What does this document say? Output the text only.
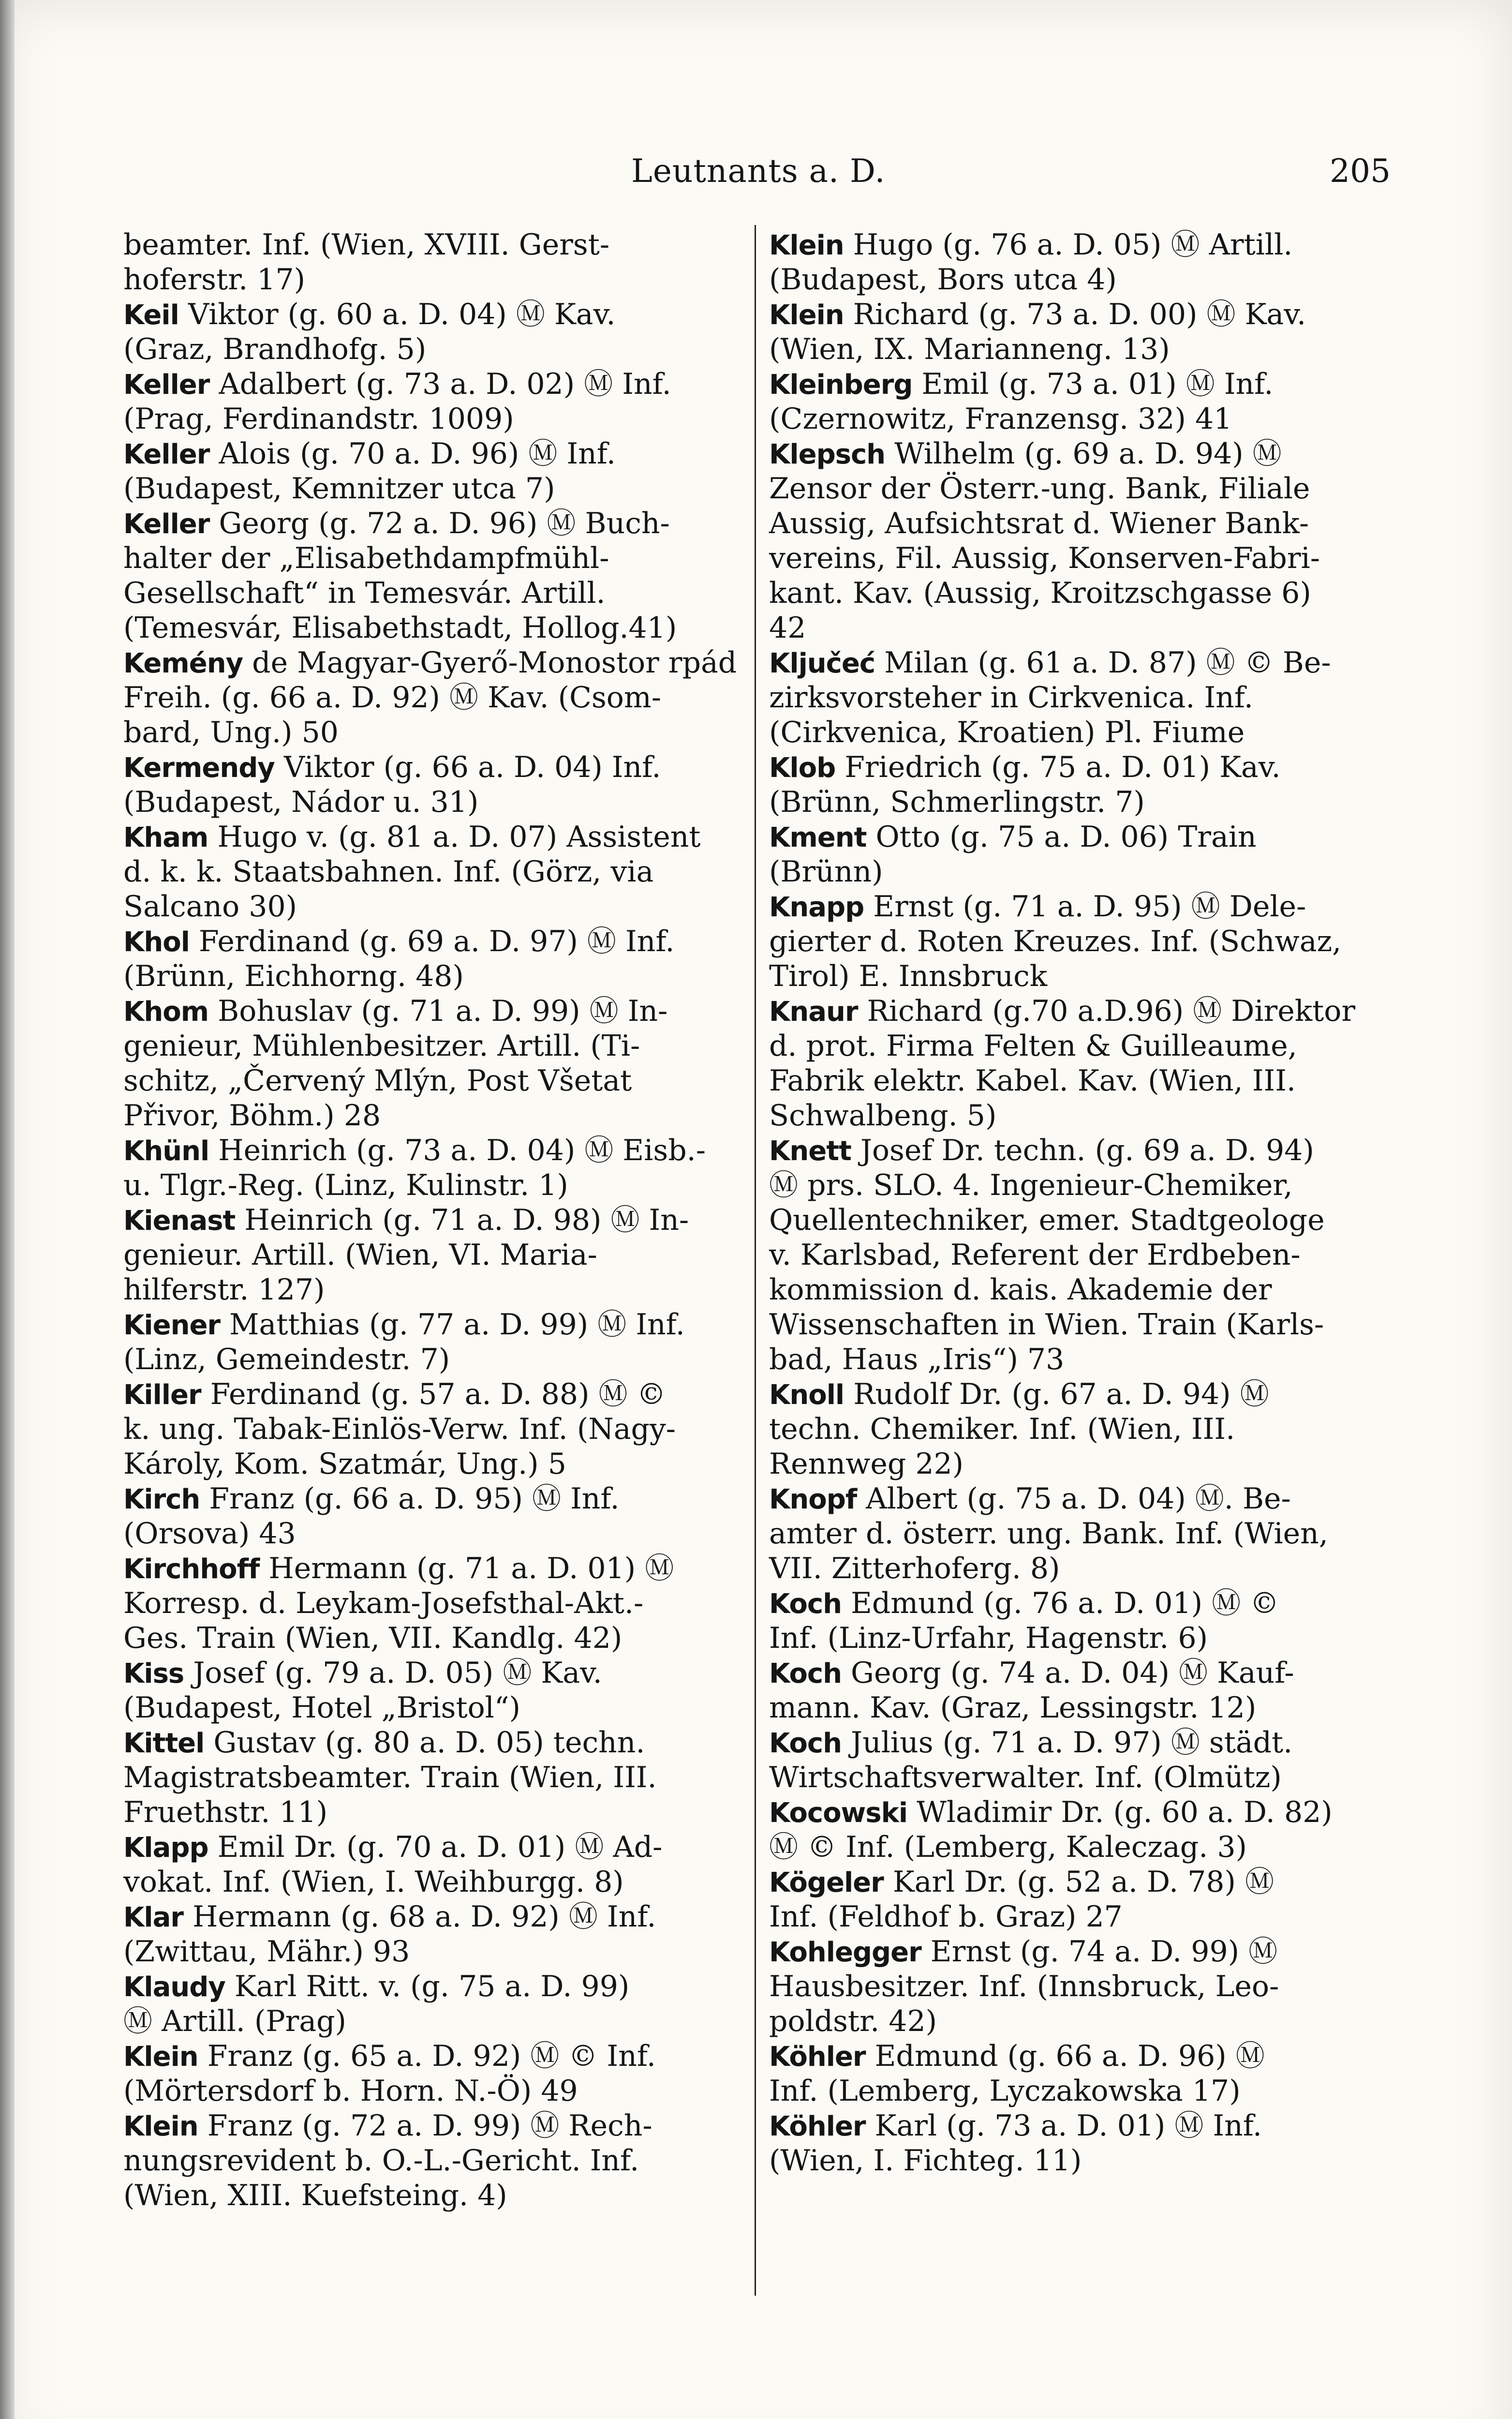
Leutnants a. D.	205
beamter. Inf. (Wien, XVIII. Gerst-
hoferstr. 17)
Keil Viktor (g. 60 a. D. 04) Ⓜ Kav.
(Graz, Brandhofg. 5)
Keller Adalbert (g. 73 a. D. 02) Ⓜ Inf.
(Prag, Ferdinandstr. 1009)
Keller Alois (g. 70 a. D. 96) Ⓜ Inf.
(Budapest, Kemnitzer utca 7)
Keller Georg (g. 72 a. D. 96) Ⓜ Buch-
halter der „Elisabethdampfmühl-
Gesellschaft“ in Temesvár. Artill.
(Temesvár, Elisabethstadt, Hollog.41)
Kemény de Magyar-Gyerő-Monostor rpád
Freih. (g. 66 a. D. 92) Ⓜ Kav. (Csom-
bard, Ung.) 50
Kermendy Viktor (g. 66 a. D. 04) Inf.
(Budapest, Nádor u. 31)
Kham Hugo v. (g. 81 a. D. 07) Assistent
d. k. k. Staatsbahnen. Inf. (Görz, via
Salcano 30)
Khol Ferdinand (g. 69 a. D. 97) Ⓜ Inf.
(Brünn, Eichhorng. 48)
Khom Bohuslav (g. 71 a. D. 99) Ⓜ In-
genieur, Mühlenbesitzer. Artill. (Ti-
schitz, „Červený Mlýn, Post Všetat
Přivor, Böhm.) 28
Khünl Heinrich (g. 73 a. D. 04) Ⓜ Eisb.-
u. Tlgr.-Reg. (Linz, Kulinstr. 1)
Kienast Heinrich (g. 71 a. D. 98) Ⓜ In-
genieur. Artill. (Wien, VI. Maria-
hilferstr. 127)
Kiener Matthias (g. 77 a. D. 99) Ⓜ Inf.
(Linz, Gemeindestr. 7)
Killer Ferdinand (g. 57 a. D. 88) Ⓜ ©
k. ung. Tabak-Einlös-Verw. Inf. (Nagy-
Károly, Kom. Szatmár, Ung.) 5
Kirch Franz (g. 66 a. D. 95) Ⓜ Inf.
(Orsova) 43
Kirchhoff Hermann (g. 71 a. D. 01) Ⓜ
Korresp. d. Leykam-Josefsthal-Akt.-
Ges. Train (Wien, VII. Kandlg. 42)
Kiss Josef (g. 79 a. D. 05) Ⓜ Kav.
(Budapest, Hotel „Bristol“)
Kittel Gustav (g. 80 a. D. 05) techn.
Magistratsbeamter. Train (Wien, III.
Fruethstr. 11)
Klapp Emil Dr. (g. 70 a. D. 01) Ⓜ Ad-
vokat. Inf. (Wien, I. Weihburgg. 8)
Klar Hermann (g. 68 a. D. 92) Ⓜ Inf.
(Zwittau, Mähr.) 93
Klaudy Karl Ritt. v. (g. 75 a. D. 99)
Ⓜ Artill. (Prag)
Klein Franz (g. 65 a. D. 92) Ⓜ © Inf.
(Mörtersdorf b. Horn. N.-Ö) 49
Klein Franz (g. 72 a. D. 99) Ⓜ Rech-
nungsrevident b. O.-L.-Gericht. Inf.
(Wien, XIII. Kuefsteing. 4)
Klein Hugo (g. 76 a. D. 05) Ⓜ Artill.
(Budapest, Bors utca 4)
Klein Richard (g. 73 a. D. 00) Ⓜ Kav.
(Wien, IX. Marianneng. 13)
Kleinberg Emil (g. 73 a. 01) Ⓜ Inf.
(Czernowitz, Franzensg. 32) 41
Klepsch Wilhelm (g. 69 a. D. 94) Ⓜ
Zensor der Österr.-ung. Bank, Filiale
Aussig, Aufsichtsrat d. Wiener Bank-
vereins, Fil. Aussig, Konserven-Fabri-
kant. Kav. (Aussig, Kroitzschgasse 6)
42
Ključeć Milan (g. 61 a. D. 87) Ⓜ © Be-
zirksvorsteher in Cirkvenica. Inf.
(Cirkvenica, Kroatien) Pl. Fiume
Klob Friedrich (g. 75 a. D. 01) Kav.
(Brünn, Schmerlingstr. 7)
Kment Otto (g. 75 a. D. 06) Train
(Brünn)
Knapp Ernst (g. 71 a. D. 95) Ⓜ Dele-
gierter d. Roten Kreuzes. Inf. (Schwaz,
Tirol) E. Innsbruck
Knaur Richard (g.70 a.D.96) Ⓜ Direktor
d. prot. Firma Felten & Guilleaume,
Fabrik elektr. Kabel. Kav. (Wien, III.
Schwalbeng. 5)
Knett Josef Dr. techn. (g. 69 a. D. 94)
Ⓜ prs. SLO. 4. Ingenieur-Chemiker,
Quellentechniker, emer. Stadtgeologe
v. Karlsbad, Referent der Erdbeben-
kommission d. kais. Akademie der
Wissenschaften in Wien. Train (Karls-
bad, Haus „Iris“) 73
Knoll Rudolf Dr. (g. 67 a. D. 94) Ⓜ
techn. Chemiker. Inf. (Wien, III.
Rennweg 22)
Knopf Albert (g. 75 a. D. 04) Ⓜ. Be-
amter d. österr. ung. Bank. Inf. (Wien,
VII. Zitterhoferg. 8)
Koch Edmund (g. 76 a. D. 01) Ⓜ ©
Inf. (Linz-Urfahr, Hagenstr. 6)
Koch Georg (g. 74 a. D. 04) Ⓜ Kauf-
mann. Kav. (Graz, Lessingstr. 12)
Koch Julius (g. 71 a. D. 97) Ⓜ städt.
Wirtschaftsverwalter. Inf. (Olmütz)
Kocowski Wladimir Dr. (g. 60 a. D. 82)
Ⓜ © Inf. (Lemberg, Kaleczag. 3)
Kögeler Karl Dr. (g. 52 a. D. 78) Ⓜ
Inf. (Feldhof b. Graz) 27
Kohlegger Ernst (g. 74 a. D. 99) Ⓜ
Hausbesitzer. Inf. (Innsbruck, Leo-
poldstr. 42)
Köhler Edmund (g. 66 a. D. 96) Ⓜ
Inf. (Lemberg, Lyczakowska 17)
Köhler Karl (g. 73 a. D. 01) Ⓜ Inf.
(Wien, I. Fichteg. 11)
